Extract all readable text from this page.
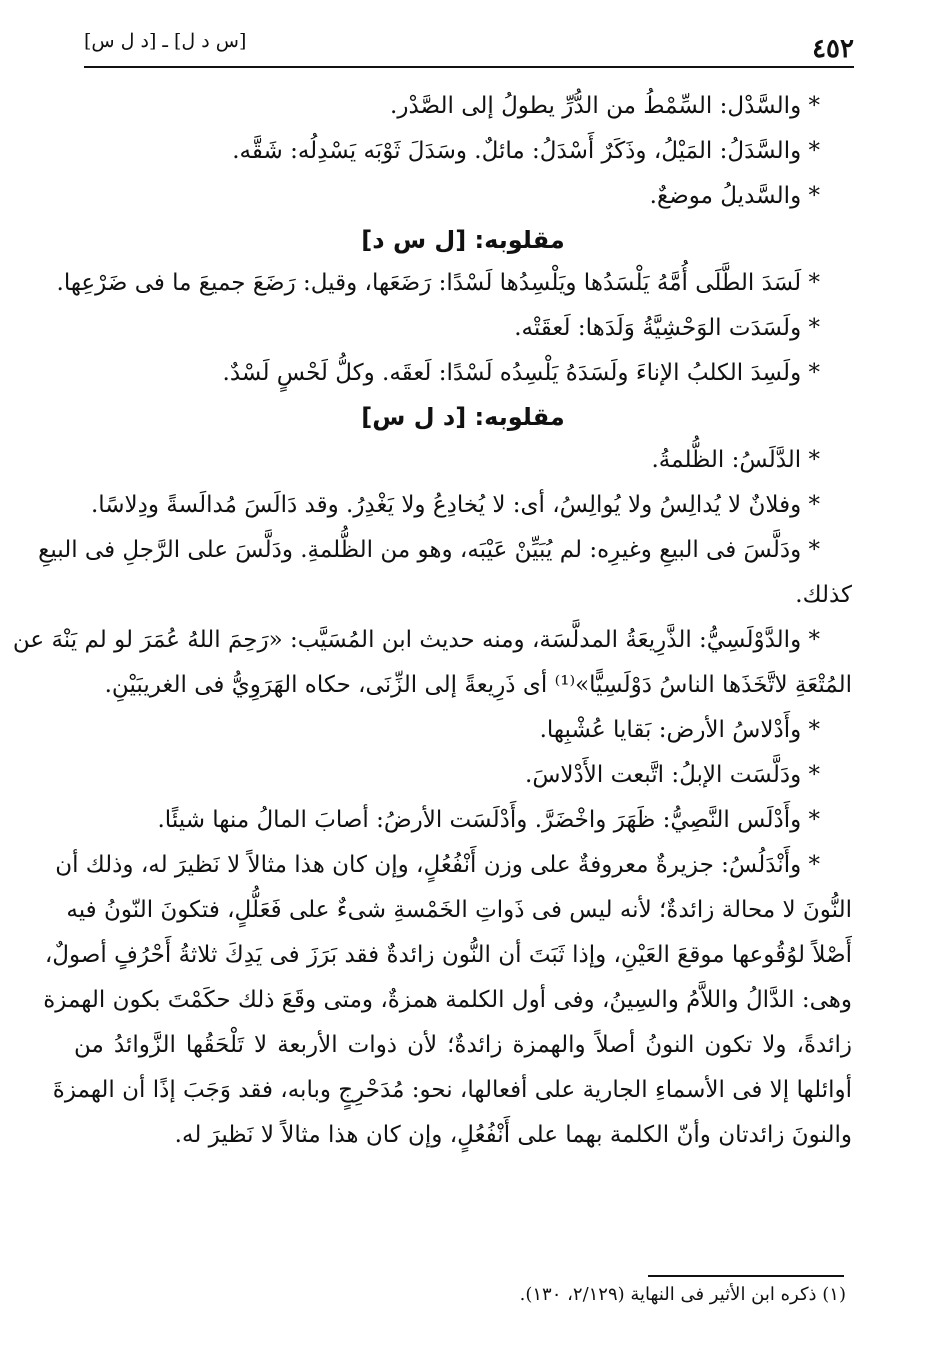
[س د ل] ـ [د ل س]	٤٥٢
* والسَّدْل: السِّمْطُ من الدُّرِّ يطولُ إلى الصَّدْر.
* والسَّدَلُ: المَيْلُ، وذَكَرٌ أَسْدَلُ: مائلٌ. وسَدَلَ ثَوْبَه يَسْدِلُه: شَقَّه.
* والسَّديلُ موضعٌ.
مقلوبه: [ل س د]
* لَسَدَ الطَّلَى أُمَّهُ يَلْسَدُها ويَلْسِدُها لَسْدًا: رَضَعَها، وقيل: رَضَعَ جميعَ ما فى ضَرْعِها.
* ولَسَدَت الوَحْشِيَّةُ وَلَدَها: لَعقَتْه.
* ولَسِدَ الكلبُ الإناءَ ولَسَدَهُ يَلْسِدُه لَسْدًا: لَعقَه. وكلُّ لَحْسٍ لَسْدٌ.
مقلوبه: [د ل س]
* الدَّلَسُ: الظُّلمةُ.
* وفلانٌ لا يُدالِسُ ولا يُوالِسُ، أى: لا يُخادِعُ ولا يَغْدِرُ. وقد دَالَسَ مُدالَسةً ودِلاسًا.
* ودَلَّسَ فى البيعِ وغيرِه: لم يُبَيِّنْ عَيْبَه، وهو من الظُّلمةِ. ودَلَّسَ على الرَّجلِ فى البيعِ
كذلك.
* والدَّوْلَسِيُّ: الذَّرِيعَةُ المدلَّسَة، ومنه حديث ابن المُسَيَّب: «رَحِمَ اللهُ عُمَرَ لو لم يَنْهَ عن
المُتْعَةِ لاتَّخَذَها الناسُ دَوْلَسِيًّا»⁽¹⁾ أى ذَرِيعةً إلى الزِّنَى، حكاه الهَرَوِيُّ فى الغريبَيْنِ.
* وأَدْلاسُ الأرض: بَقايا عُشْبِها.
* ودَلَّسَت الإبلُ: اتَّبعت الأَدْلاسَ.
* وأَدْلَس النَّصِيُّ: ظَهَرَ واخْضَرَّ. وأَدْلَسَت الأرضُ: أصابَ المالُ منها شيئًا.
* وأَنْدَلُسُ: جزيرةٌ معروفةٌ على وزن أَنْفُعُلٍ، وإن كان هذا مثالاً لا نَظيرَ له، وذلك أن
النُّونَ لا محالة زائدةٌ؛ لأنه ليس فى ذَواتِ الخَمْسةِ شىءٌ على فَعَلُّلٍ، فتكونَ النّونُ فيه
أَصْلاً لوُقُوعها موقعَ العَيْنِ، وإذا ثَبَتَ أن النُّون زائدةٌ فقد بَرَزَ فى يَدِكَ ثلاثةُ أَحْرُفٍ أصولٌ،
وهى: الدَّالُ واللاَّمُ والسِينُ، وفى أول الكلمة همزةٌ، ومتى وقَعَ ذلك حكَمْتَ بكون الهمزة
زائدةً، ولا تكون النونُ أصلاً والهمزة زائدةٌ؛ لأن ذوات الأربعة لا تَلْحَقُها الزَّوائدُ من
أوائلها إلا فى الأسماءِ الجارية على أفعالها، نحو: مُدَحْرِجٍ وبابه، فقد وَجَبَ إذًا أن الهمزةَ
والنونَ زائدتان وأنّ الكلمة بهما على أَنْفُعُلٍ، وإن كان هذا مثالاً لا نَظيرَ له.
(١) ذكره ابن الأثير فى النهاية (٢/١٢٩، ١٣٠).
